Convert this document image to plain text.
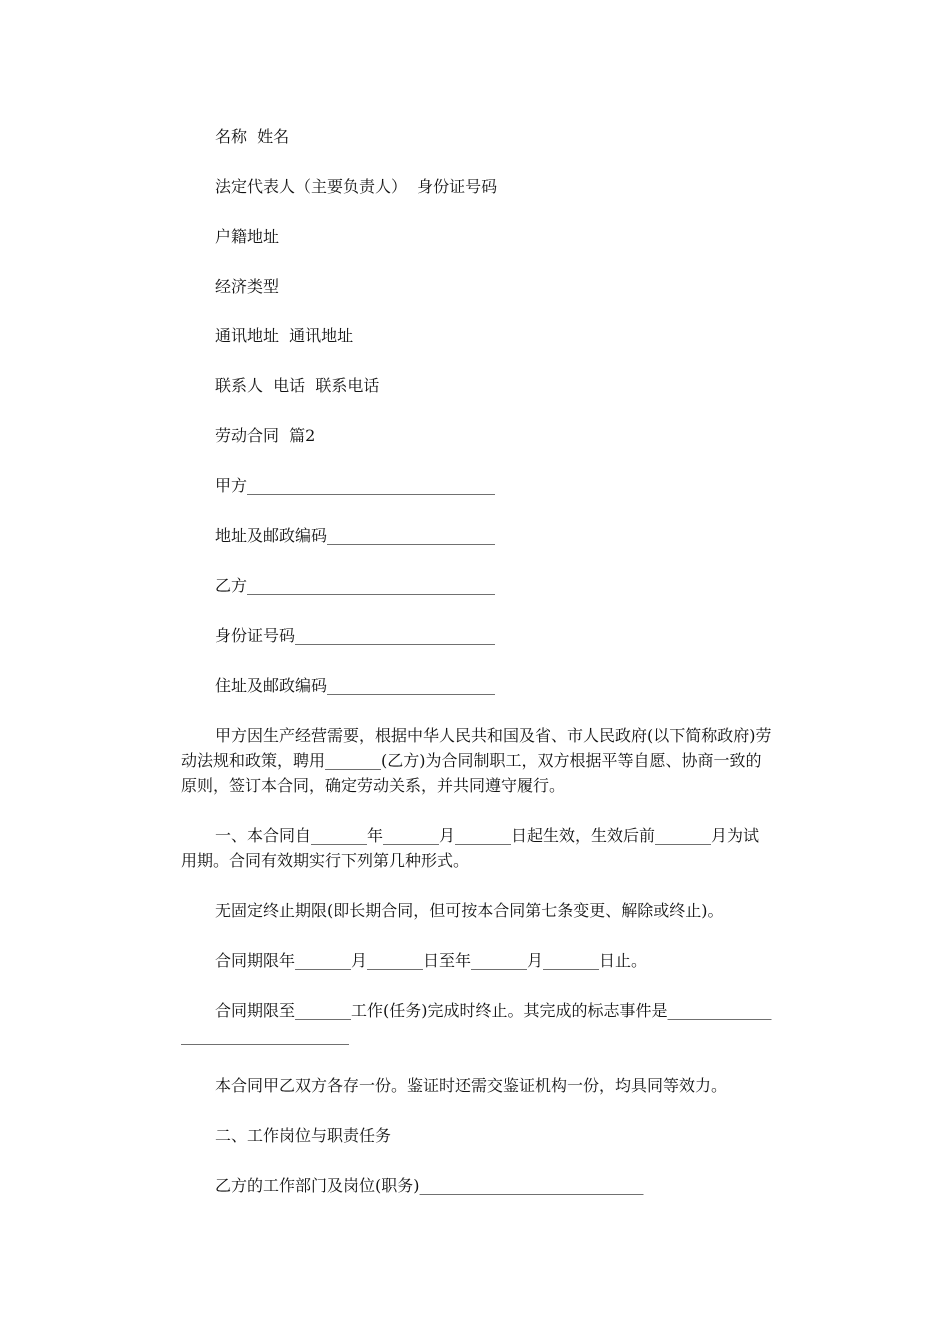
名称  姓名

法定代表人（主要负责人）  身份证号码

户籍地址

经济类型

通讯地址  通讯地址

联系人  电话  联系电话

劳动合同  篇2

甲方_______________________________

地址及邮政编码_____________________

乙方_______________________________

身份证号码_________________________

住址及邮政编码_____________________

甲方因生产经营需要，根据中华人民共和国及省、市人民政府(以下简称政府)劳动法规和政策，聘用_______(乙方)为合同制职工，双方根据平等自愿、协商一致的原则，签订本合同，确定劳动关系，并共同遵守履行。

一、本合同自_______年_______月_______日起生效，生效后前_______月为试用期。合同有效期实行下列第几种形式。

无固定终止期限(即长期合同，但可按本合同第七条变更、解除或终止)。

合同期限年_______月_______日至年_______月_______日止。

合同期限至_______工作(任务)完成时终止。其完成的标志事件是__________________________________

本合同甲乙双方各存一份。鉴证时还需交鉴证机构一份，均具同等效力。

二、工作岗位与职责任务

乙方的工作部门及岗位(职务)____________________________
